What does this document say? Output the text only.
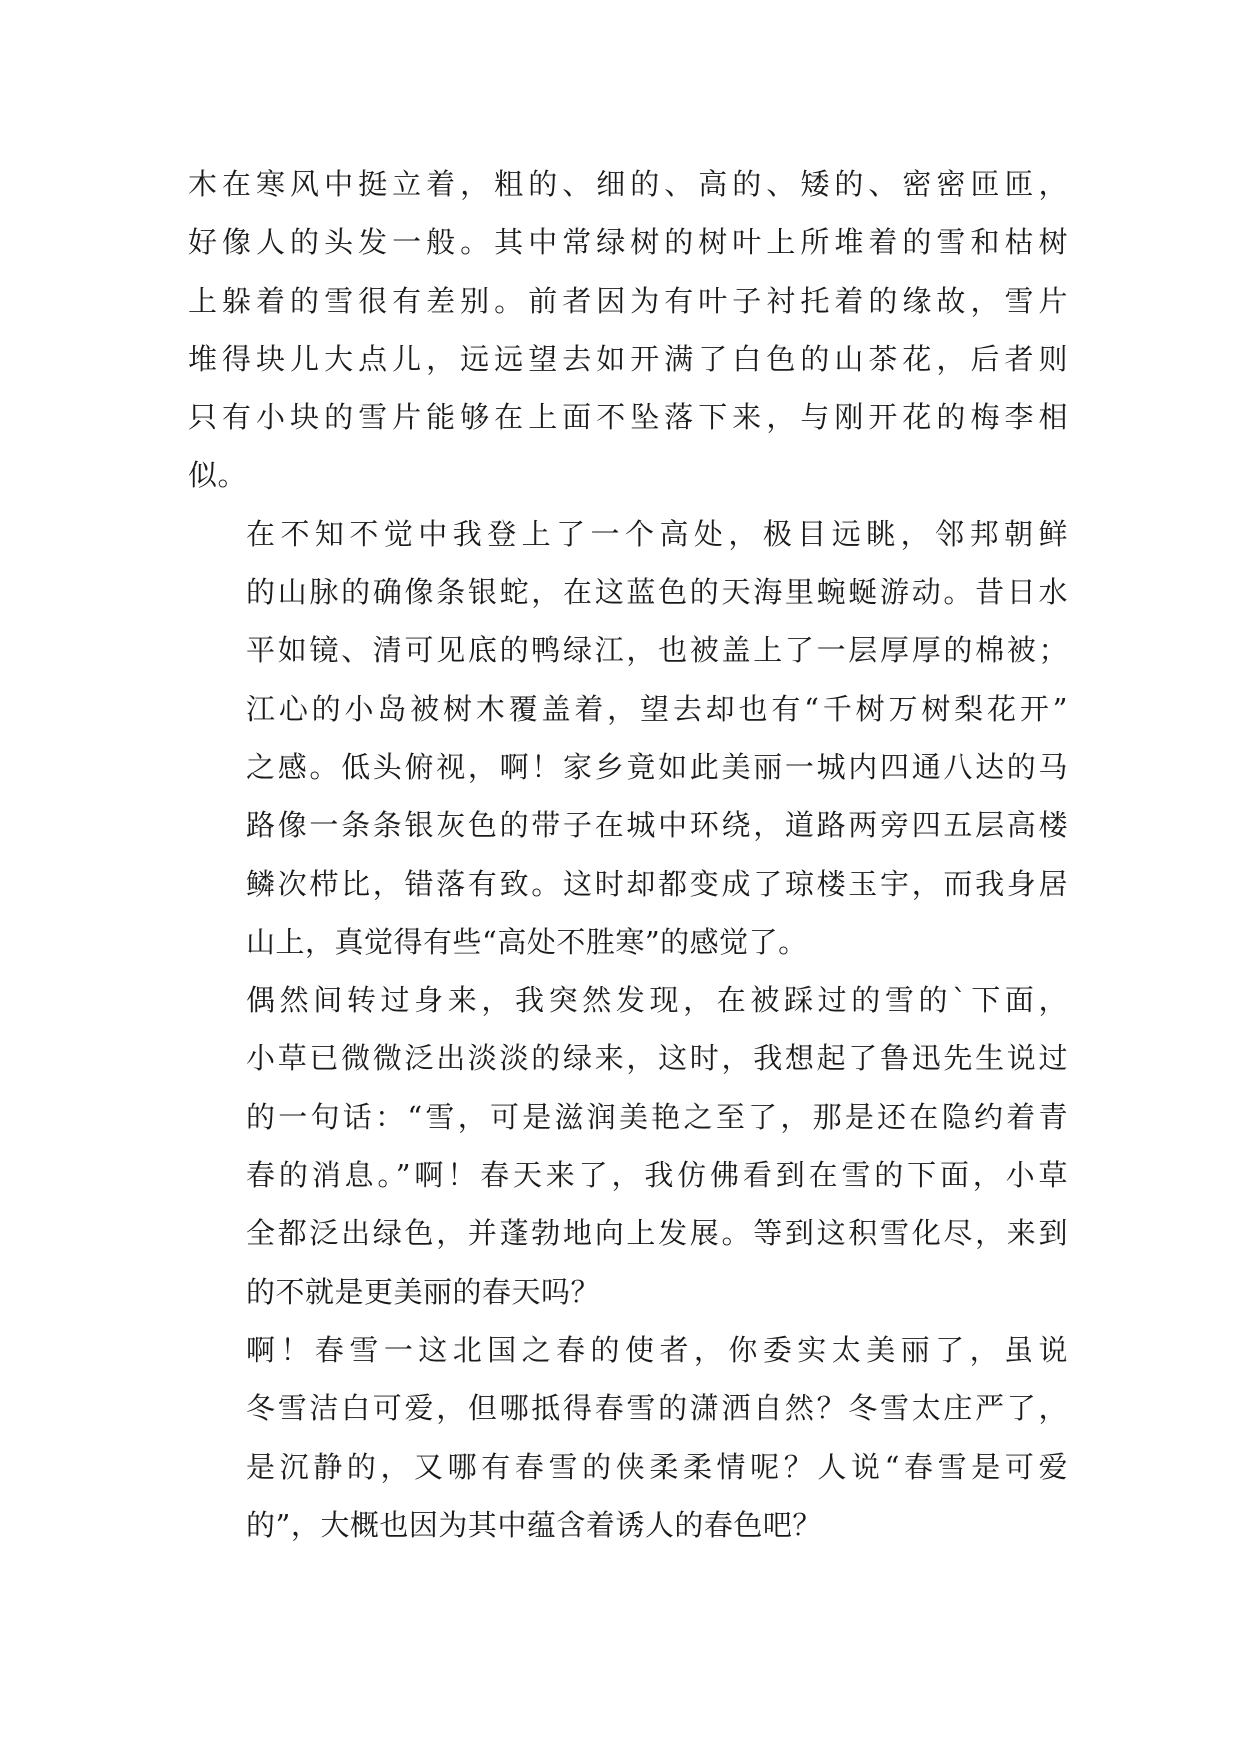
木在寒风中挺立着，粗的、细的、高的、矮的、密密匝匝，
好像人的头发一般。其中常绿树的树叶上所堆着的雪和枯树
上躲着的雪很有差别。前者因为有叶子衬托着的缘故，雪片
堆得块儿大点儿，远远望去如开满了白色的山茶花，后者则
只有小块的雪片能够在上面不坠落下来，与刚开花的梅李相
似。
在不知不觉中我登上了一个高处，极目远眺，邻邦朝鲜
的山脉的确像条银蛇，在这蓝色的天海里蜿蜒游动。昔日水
平如镜、清可见底的鸭绿江，也被盖上了一层厚厚的棉被；
江心的小岛被树木覆盖着，望去却也有“千树万树梨花开”
之感。低头俯视，啊！家乡竟如此美丽一城内四通八达的马
路像一条条银灰色的带子在城中环绕，道路两旁四五层高楼
鳞次栉比，错落有致。这时却都变成了琼楼玉宇，而我身居
山上，真觉得有些“高处不胜寒”的感觉了。
偶然间转过身来，我突然发现，在被踩过的雪的`下面，
小草已微微泛出淡淡的绿来，这时，我想起了鲁迅先生说过
的一句话：“雪，可是滋润美艳之至了，那是还在隐约着青
春的消息。”啊！春天来了，我仿佛看到在雪的下面，小草
全都泛出绿色，并蓬勃地向上发展。等到这积雪化尽，来到
的不就是更美丽的春天吗？
啊！春雪一这北国之春的使者，你委实太美丽了，虽说
冬雪洁白可爱，但哪抵得春雪的潇洒自然？冬雪太庄严了，
是沉静的，又哪有春雪的侠柔柔情呢？人说“春雪是可爱
的”，大概也因为其中蕴含着诱人的春色吧？
